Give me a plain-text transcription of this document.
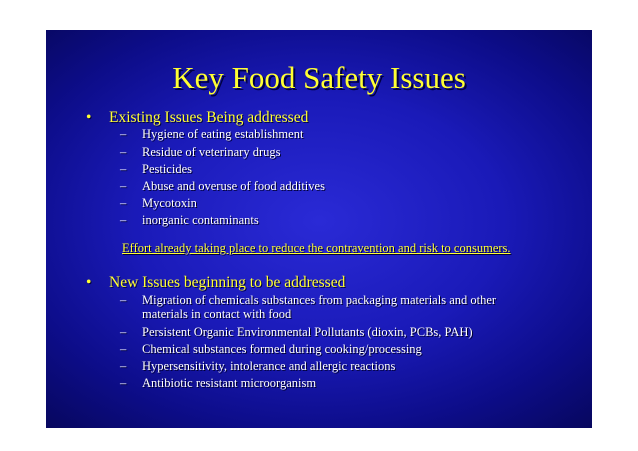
Key Food Safety Issues
• Existing Issues Being addressed
– Hygiene of eating establishment
– Residue of veterinary drugs
– Pesticides
– Abuse and overuse of food additives
– Mycotoxin
– inorganic contaminants
Effort already taking place to reduce the contravention and risk to consumers.
• New Issues beginning to be addressed
– Migration of chemicals substances from packaging materials and other
materials in contact with food
– Persistent Organic Environmental Pollutants (dioxin, PCBs, PAH)
– Chemical substances formed during cooking/processing
– Hypersensitivity, intolerance and allergic reactions
– Antibiotic resistant microorganism
